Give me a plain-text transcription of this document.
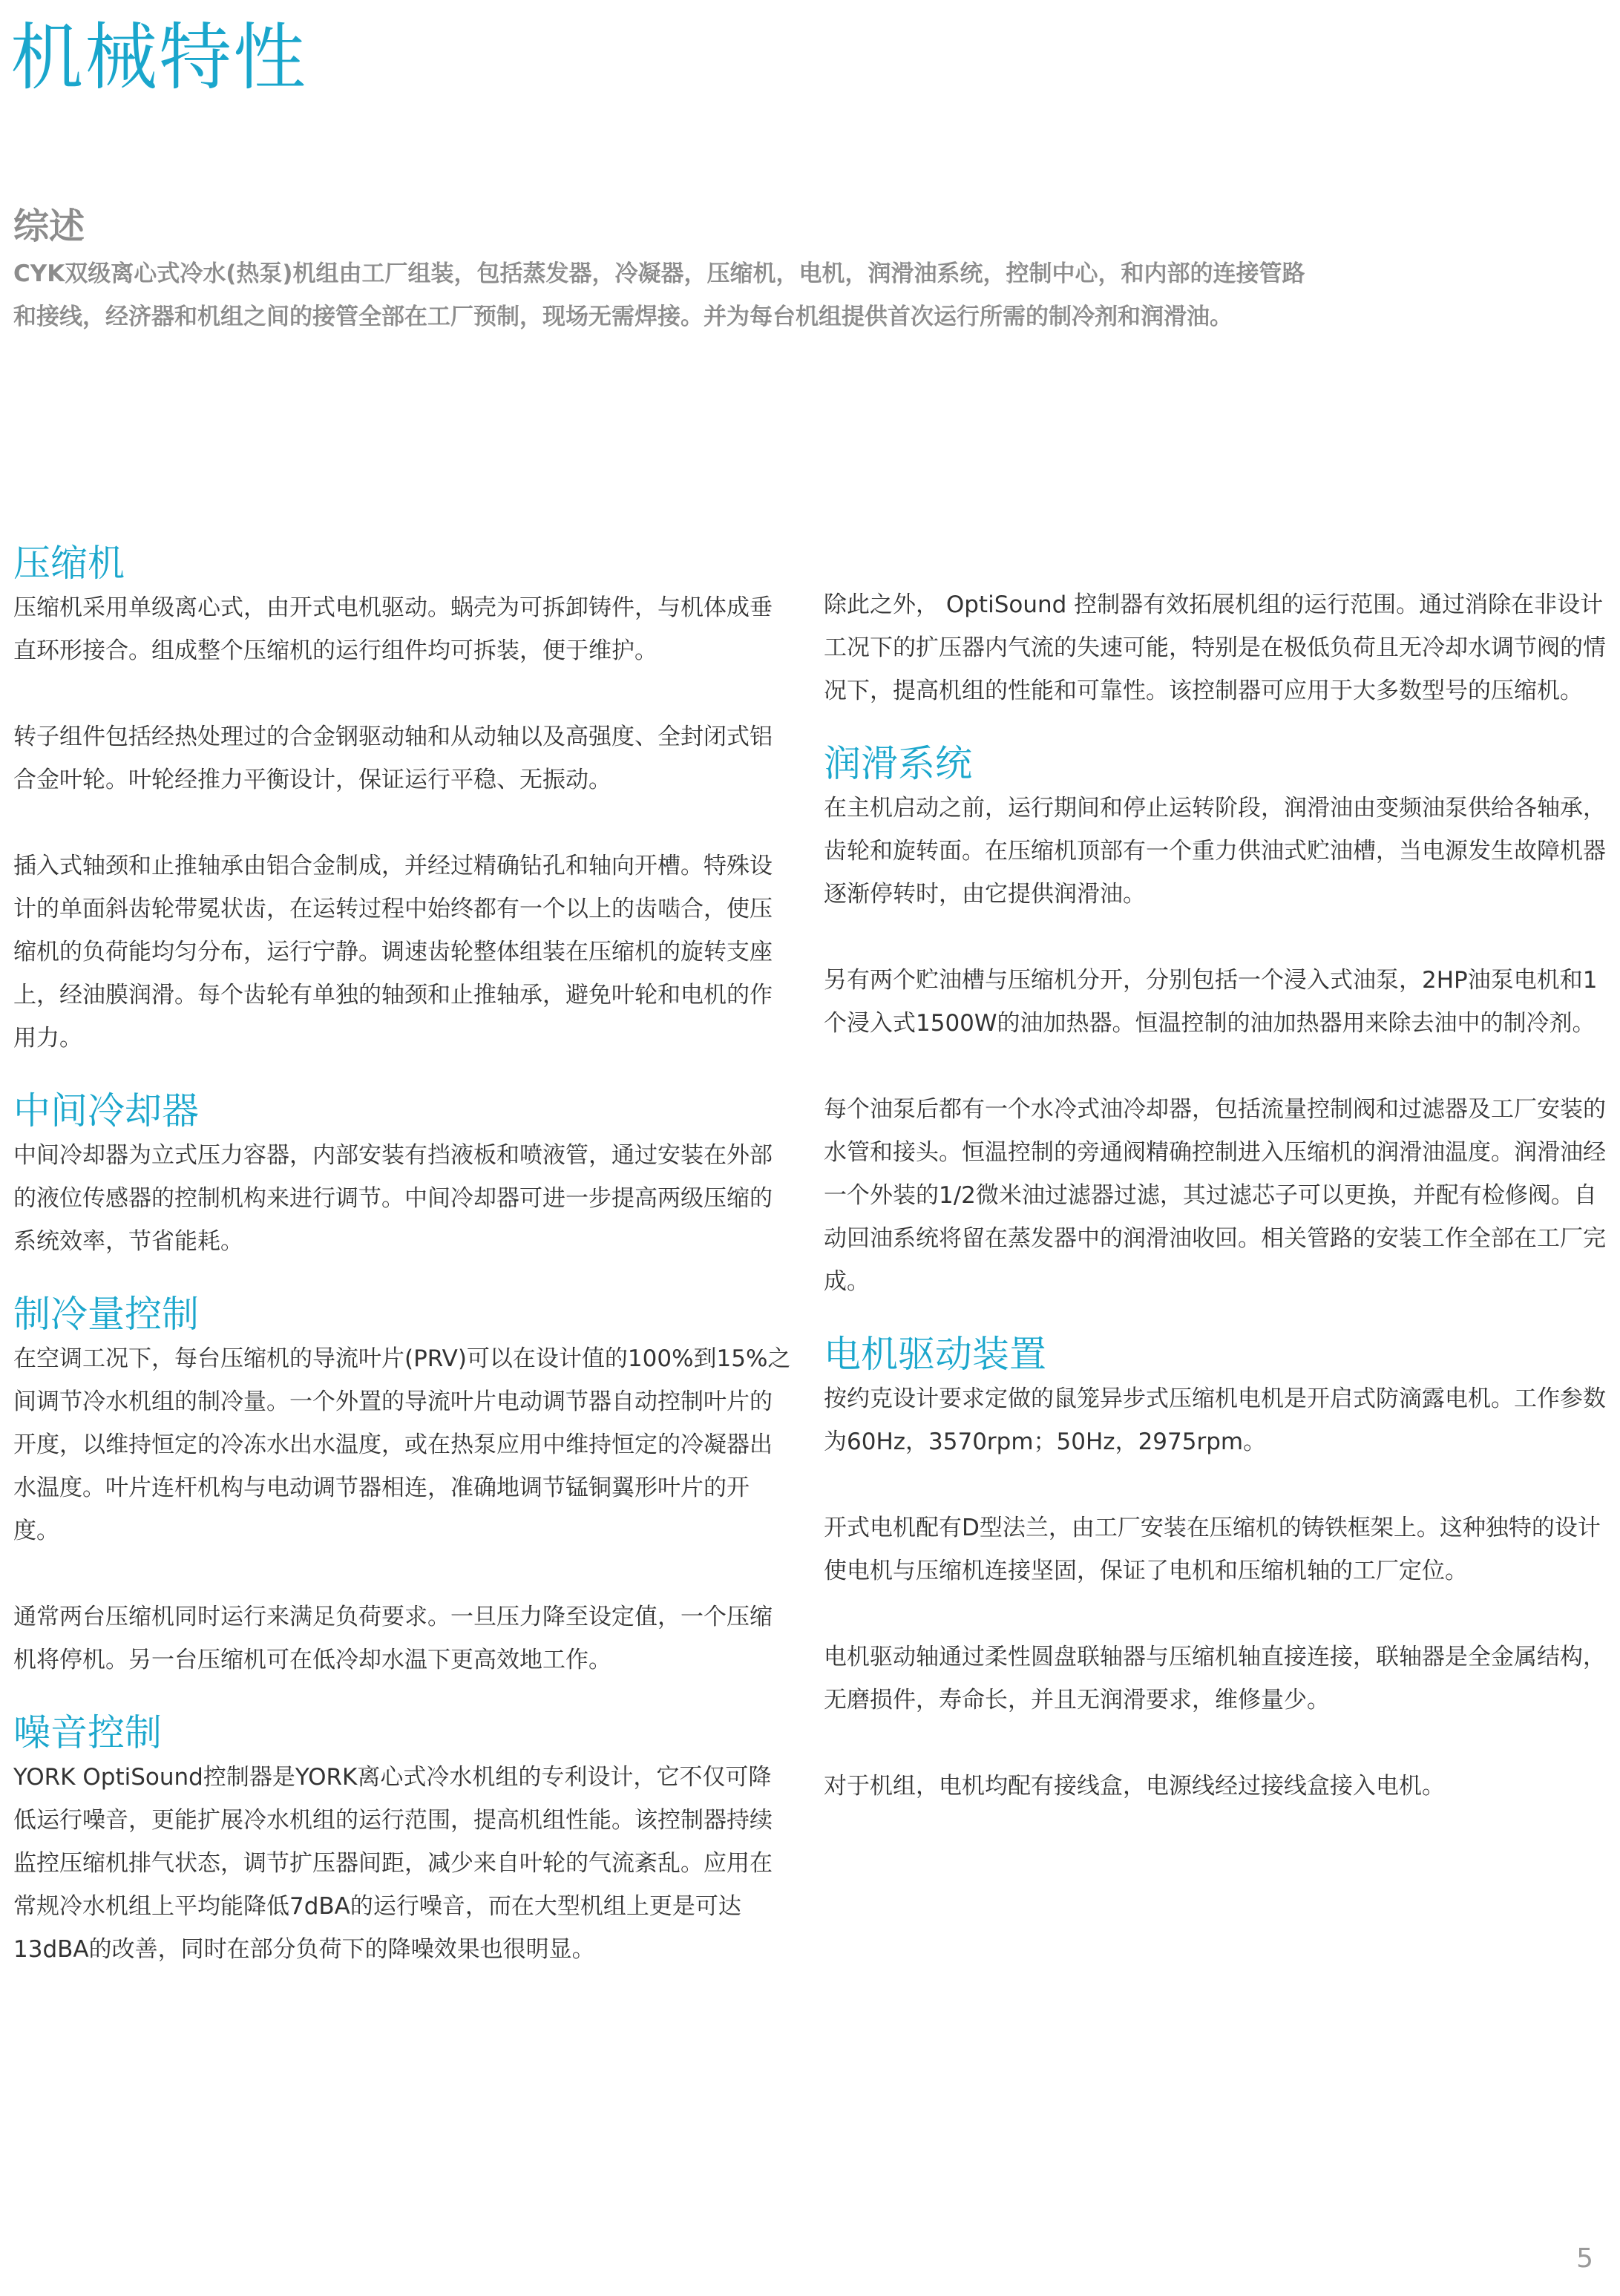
机械特性
综述
CYK双级离心式冷水(热泵)机组由工厂组装，包括蒸发器，冷凝器，压缩机，电机，润滑油系统，控制中心，和内部的连接管路和接线，经济器和机组之间的接管全部在工厂预制，现场无需焊接。并为每台机组提供首次运行所需的制冷剂和润滑油。
压缩机

压缩机采用单级离心式，由开式电机驱动。蜗壳为可拆卸铸件，与机体成垂直环形接合。组成整个压缩机的运行组件均可拆装，便于维护。

转子组件包括经热处理过的合金钢驱动轴和从动轴以及高强度、全封闭式铝合金叶轮。叶轮经推力平衡设计，保证运行平稳、无振动。

插入式轴颈和止推轴承由铝合金制成，并经过精确钻孔和轴向开槽。特殊设计的单面斜齿轮带冕状齿，在运转过程中始终都有一个以上的齿啮合，使压缩机的负荷能均匀分布，运行宁静。调速齿轮整体组装在压缩机的旋转支座上，经油膜润滑。每个齿轮有单独的轴颈和止推轴承，避免叶轮和电机的作用力。

中间冷却器

中间冷却器为立式压力容器，内部安装有挡液板和喷液管，通过安装在外部的液位传感器的控制机构来进行调节。中间冷却器可进一步提高两级压缩的系统效率，节省能耗。

制冷量控制

在空调工况下，每台压缩机的导流叶片(PRV)可以在设计值的100%到15%之间调节冷水机组的制冷量。一个外置的导流叶片电动调节器自动控制叶片的开度，以维持恒定的冷冻水出水温度，或在热泵应用中维持恒定的冷凝器出水温度。叶片连杆机构与电动调节器相连，准确地调节锰铜翼形叶片的开度。

通常两台压缩机同时运行来满足负荷要求。一旦压力降至设定值，一个压缩机将停机。另一台压缩机可在低冷却水温下更高效地工作。

噪音控制

YORK OptiSound控制器是YORK离心式冷水机组的专利设计，它不仅可降低运行噪音，更能扩展冷水机组的运行范围，提高机组性能。该控制器持续监控压缩机排气状态，调节扩压器间距，减少来自叶轮的气流紊乱。应用在常规冷水机组上平均能降低7dBA的运行噪音，而在大型机组上更是可达13dBA的改善，同时在部分负荷下的降噪效果也很明显。

除此之外， OptiSound 控制器有效拓展机组的运行范围。通过消除在非设计工况下的扩压器内气流的失速可能，特别是在极低负荷且无冷却水调节阀的情况下，提高机组的性能和可靠性。该控制器可应用于大多数型号的压缩机。

润滑系统

在主机启动之前，运行期间和停止运转阶段，润滑油由变频油泵供给各轴承，齿轮和旋转面。在压缩机顶部有一个重力供油式贮油槽，当电源发生故障机器逐渐停转时，由它提供润滑油。

另有两个贮油槽与压缩机分开，分别包括一个浸入式油泵，2HP油泵电机和1个浸入式1500W的油加热器。恒温控制的油加热器用来除去油中的制冷剂。

每个油泵后都有一个水冷式油冷却器，包括流量控制阀和过滤器及工厂安装的水管和接头。恒温控制的旁通阀精确控制进入压缩机的润滑油温度。润滑油经一个外装的1/2微米油过滤器过滤，其过滤芯子可以更换，并配有检修阀。自动回油系统将留在蒸发器中的润滑油收回。相关管路的安装工作全部在工厂完成。

电机驱动装置

按约克设计要求定做的鼠笼异步式压缩机电机是开启式防滴露电机。工作参数为60Hz，3570rpm；50Hz，2975rpm。

开式电机配有D型法兰，由工厂安装在压缩机的铸铁框架上。这种独特的设计使电机与压缩机连接坚固，保证了电机和压缩机轴的工厂定位。

电机驱动轴通过柔性圆盘联轴器与压缩机轴直接连接，联轴器是全金属结构，无磨损件，寿命长，并且无润滑要求，维修量少。

对于机组，电机均配有接线盒，电源线经过接线盒接入电机。

5
